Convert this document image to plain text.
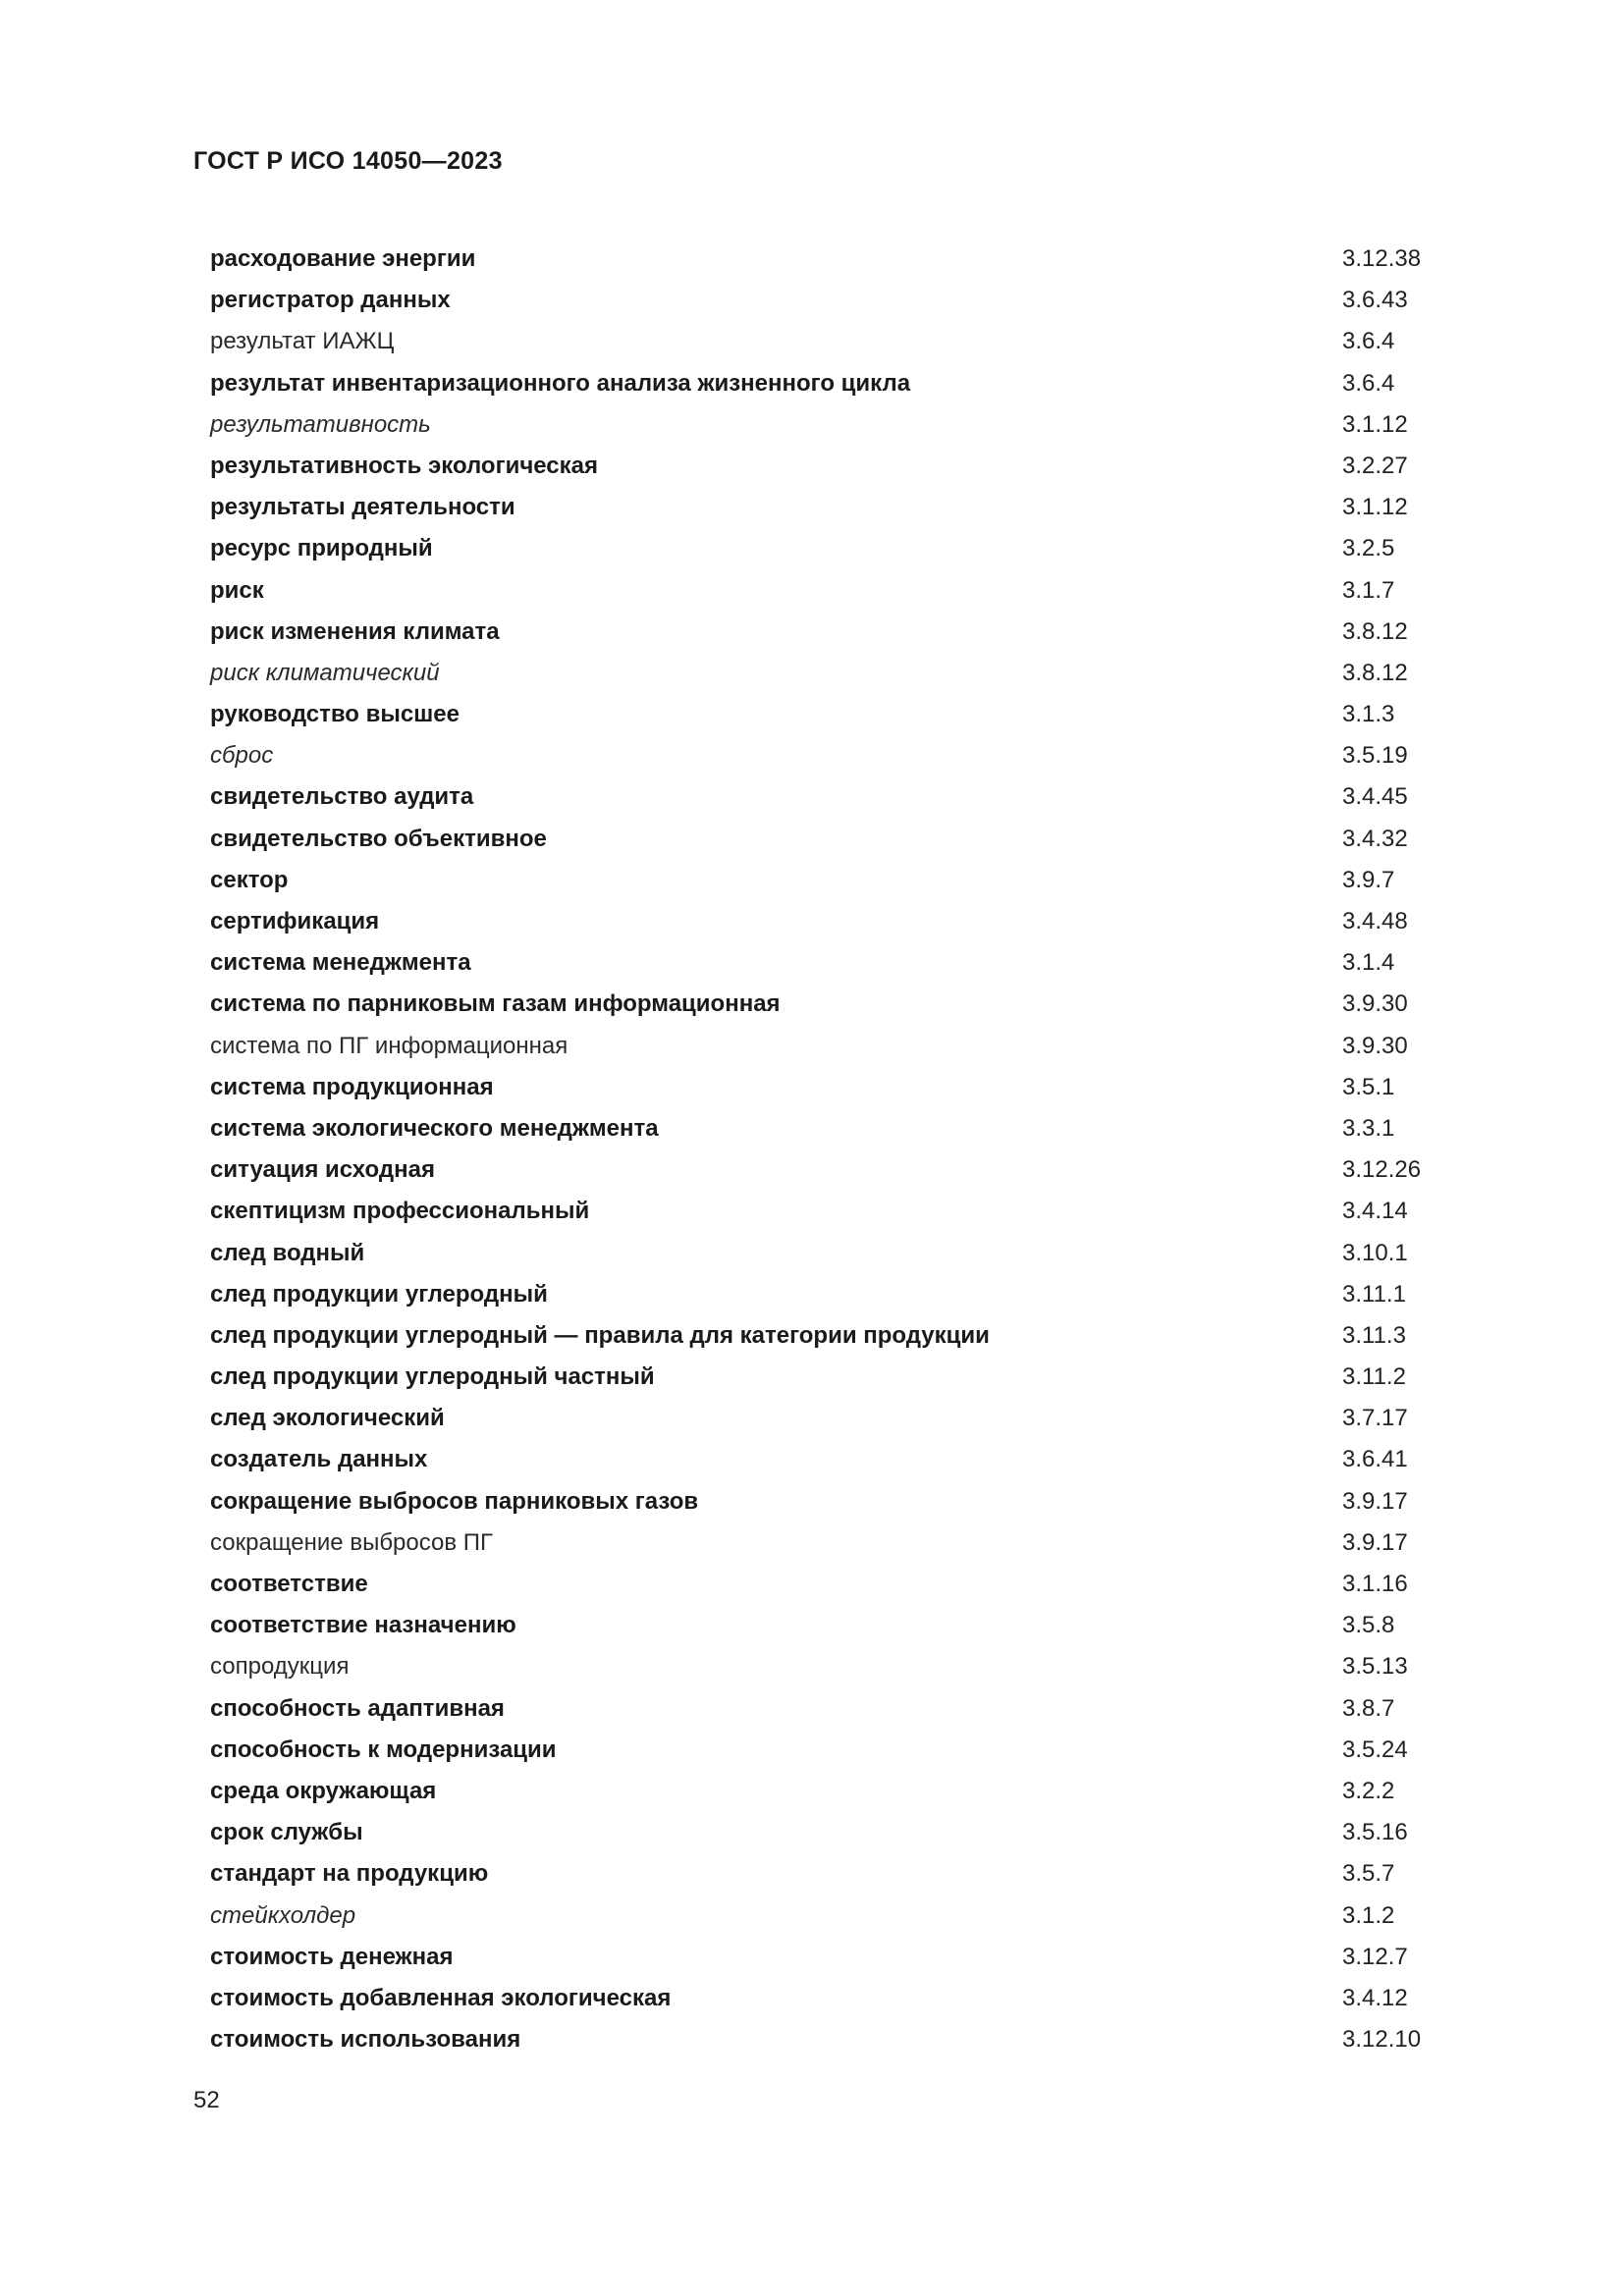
ГОСТ Р ИСО 14050—2023
расходование энергии	3.12.38
регистратор данных	3.6.43
результат ИАЖЦ	3.6.4
результат инвентаризационного анализа жизненного цикла	3.6.4
результативность	3.1.12
результативность экологическая	3.2.27
результаты деятельности	3.1.12
ресурс природный	3.2.5
риск	3.1.7
риск изменения климата	3.8.12
риск климатический	3.8.12
руководство высшее	3.1.3
сброс	3.5.19
свидетельство аудита	3.4.45
свидетельство объективное	3.4.32
сектор	3.9.7
сертификация	3.4.48
система менеджмента	3.1.4
система по парниковым газам информационная	3.9.30
система по ПГ информационная	3.9.30
система продукционная	3.5.1
система экологического менеджмента	3.3.1
ситуация исходная	3.12.26
скептицизм профессиональный	3.4.14
след водный	3.10.1
след продукции углеродный	3.11.1
след продукции углеродный — правила для категории продукции	3.11.3
след продукции углеродный частный	3.11.2
след экологический	3.7.17
создатель данных	3.6.41
сокращение выбросов парниковых газов	3.9.17
сокращение выбросов ПГ	3.9.17
соответствие	3.1.16
соответствие назначению	3.5.8
сопродукция	3.5.13
способность адаптивная	3.8.7
способность к модернизации	3.5.24
среда окружающая	3.2.2
срок службы	3.5.16
стандарт на продукцию	3.5.7
стейкхолдер	3.1.2
стоимость денежная	3.12.7
стоимость добавленная экологическая	3.4.12
стоимость использования	3.12.10
52
